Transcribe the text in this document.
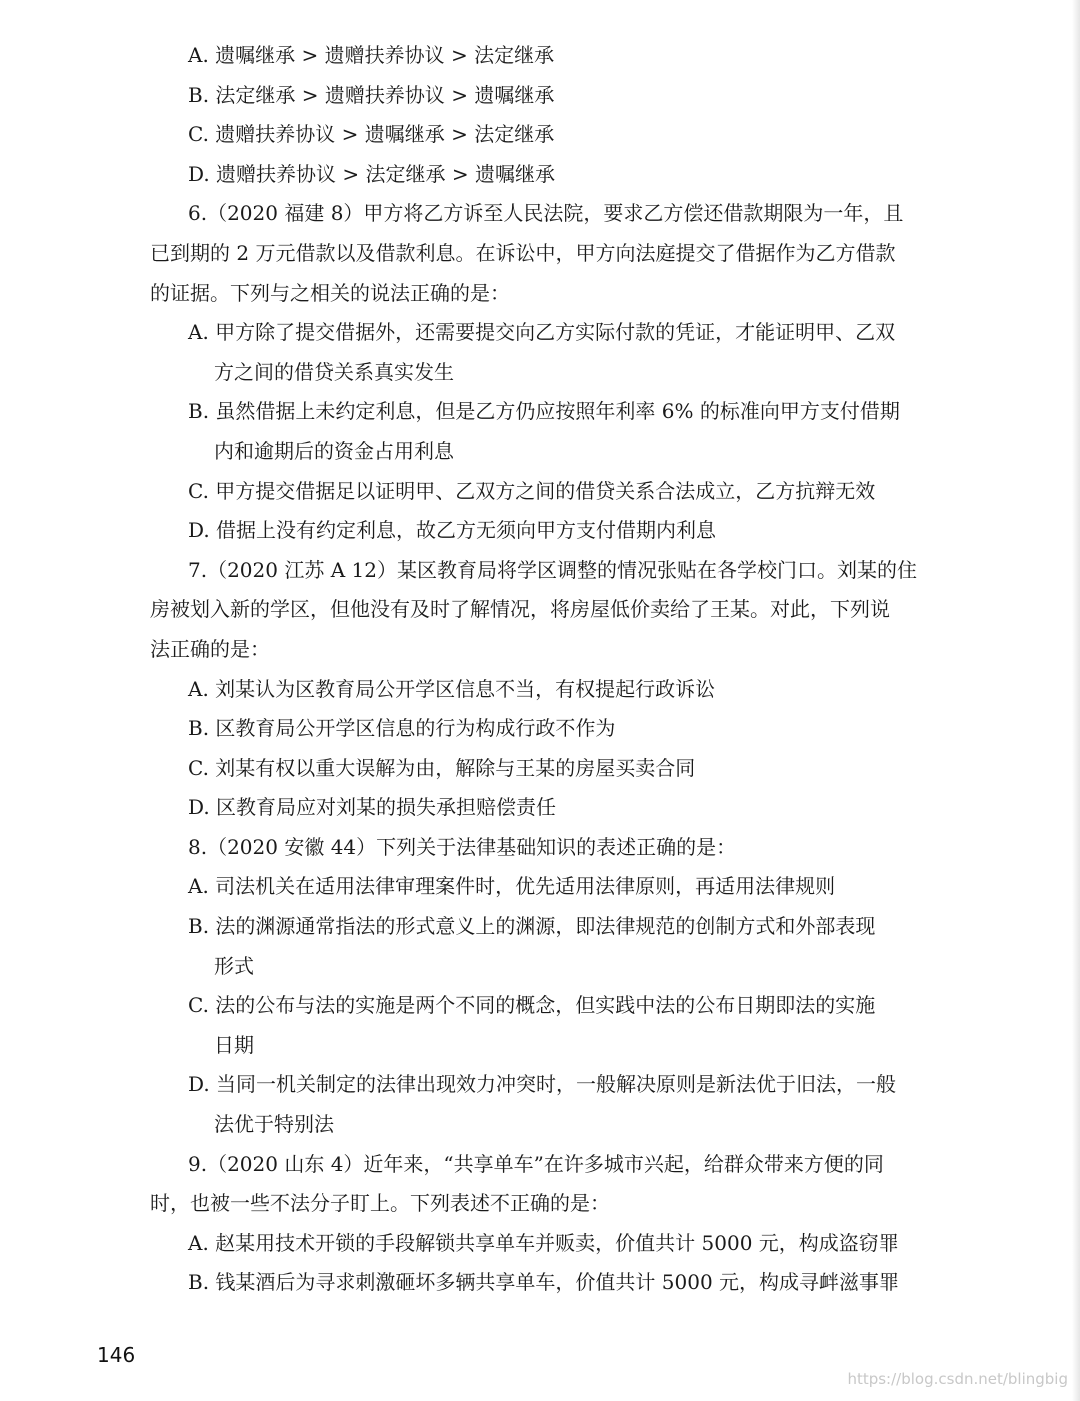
A. 遗嘱继承 > 遗赠扶养协议 > 法定继承
B. 法定继承 > 遗赠扶养协议 > 遗嘱继承
C. 遗赠扶养协议 > 遗嘱继承 > 法定继承
D. 遗赠扶养协议 > 法定继承 > 遗嘱继承
6.（2020 福建 8）甲方将乙方诉至人民法院，要求乙方偿还借款期限为一年，且
已到期的 2 万元借款以及借款利息。在诉讼中，甲方向法庭提交了借据作为乙方借款
的证据。下列与之相关的说法正确的是：
A. 甲方除了提交借据外，还需要提交向乙方实际付款的凭证，才能证明甲、乙双
方之间的借贷关系真实发生
B. 虽然借据上未约定利息，但是乙方仍应按照年利率 6% 的标准向甲方支付借期
内和逾期后的资金占用利息
C. 甲方提交借据足以证明甲、乙双方之间的借贷关系合法成立，乙方抗辩无效
D. 借据上没有约定利息，故乙方无须向甲方支付借期内利息
7.（2020 江苏 A 12）某区教育局将学区调整的情况张贴在各学校门口。刘某的住
房被划入新的学区，但他没有及时了解情况，将房屋低价卖给了王某。对此，下列说
法正确的是：
A. 刘某认为区教育局公开学区信息不当，有权提起行政诉讼
B. 区教育局公开学区信息的行为构成行政不作为
C. 刘某有权以重大误解为由，解除与王某的房屋买卖合同
D. 区教育局应对刘某的损失承担赔偿责任
8.（2020 安徽 44）下列关于法律基础知识的表述正确的是：
A. 司法机关在适用法律审理案件时，优先适用法律原则，再适用法律规则
B. 法的渊源通常指法的形式意义上的渊源，即法律规范的创制方式和外部表现
形式
C. 法的公布与法的实施是两个不同的概念，但实践中法的公布日期即法的实施
日期
D. 当同一机关制定的法律出现效力冲突时，一般解决原则是新法优于旧法，一般
法优于特别法
9.（2020 山东 4）近年来，“共享单车”在许多城市兴起，给群众带来方便的同
时，也被一些不法分子盯上。下列表述不正确的是：
A. 赵某用技术开锁的手段解锁共享单车并贩卖，价值共计 5000 元，构成盗窃罪
B. 钱某酒后为寻求刺激砸坏多辆共享单车，价值共计 5000 元，构成寻衅滋事罪
146
https://blog.csdn.net/blingbig
